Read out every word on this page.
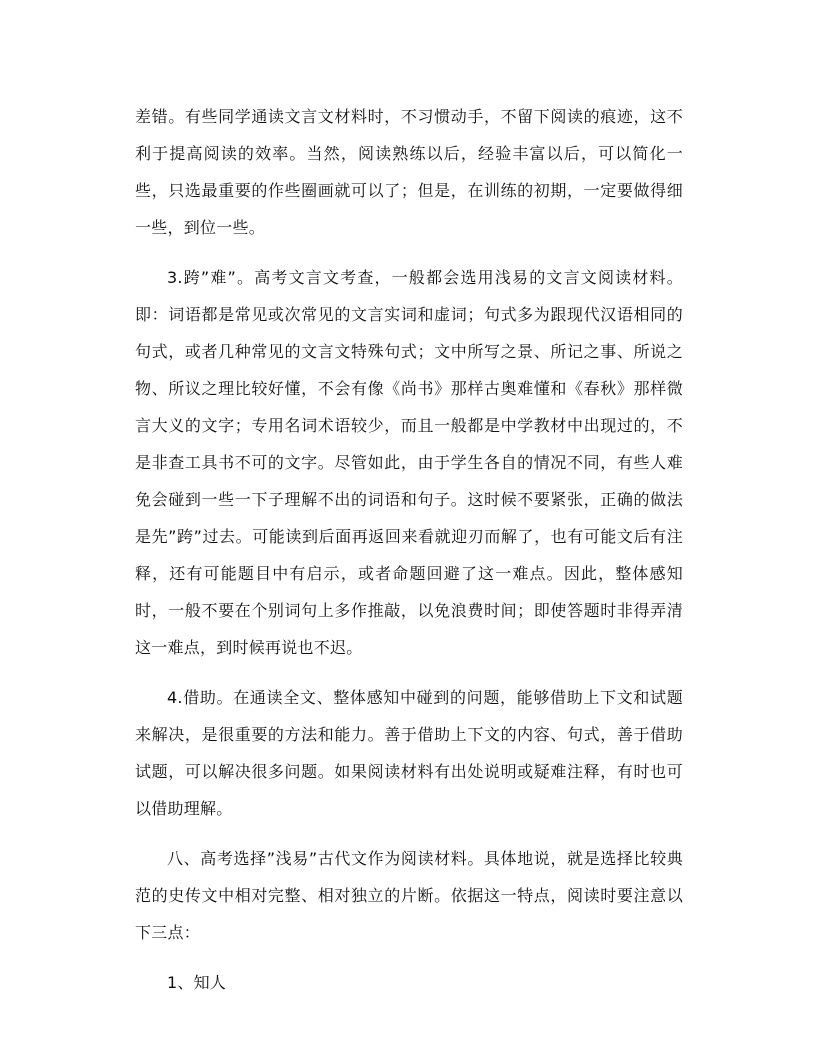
差错。有些同学通读文言文材料时，不习惯动手，不留下阅读的痕迹，这不利于提高阅读的效率。当然，阅读熟练以后，经验丰富以后，可以简化一些，只选最重要的作些圈画就可以了；但是，在训练的初期，一定要做得细一些，到位一些。

3.跨”难”。高考文言文考查，一般都会选用浅易的文言文阅读材料。即：词语都是常见或次常见的文言实词和虚词；句式多为跟现代汉语相同的句式，或者几种常见的文言文特殊句式；文中所写之景、所记之事、所说之物、所议之理比较好懂，不会有像《尚书》那样古奥难懂和《春秋》那样微言大义的文字；专用名词术语较少，而且一般都是中学教材中出现过的，不是非查工具书不可的文字。尽管如此，由于学生各自的情况不同，有些人难免会碰到一些一下子理解不出的词语和句子。这时候不要紧张，正确的做法是先”跨”过去。可能读到后面再返回来看就迎刃而解了，也有可能文后有注释，还有可能题目中有启示，或者命题回避了这一难点。因此，整体感知时，一般不要在个别词句上多作推敲，以免浪费时间；即使答题时非得弄清这一难点，到时候再说也不迟。

4.借助。在通读全文、整体感知中碰到的问题，能够借助上下文和试题来解决，是很重要的方法和能力。善于借助上下文的内容、句式，善于借助试题，可以解决很多问题。如果阅读材料有出处说明或疑难注释，有时也可以借助理解。

八、高考选择”浅易”古代文作为阅读材料。具体地说，就是选择比较典范的史传文中相对完整、相对独立的片断。依据这一特点，阅读时要注意以下三点：

1、知人
